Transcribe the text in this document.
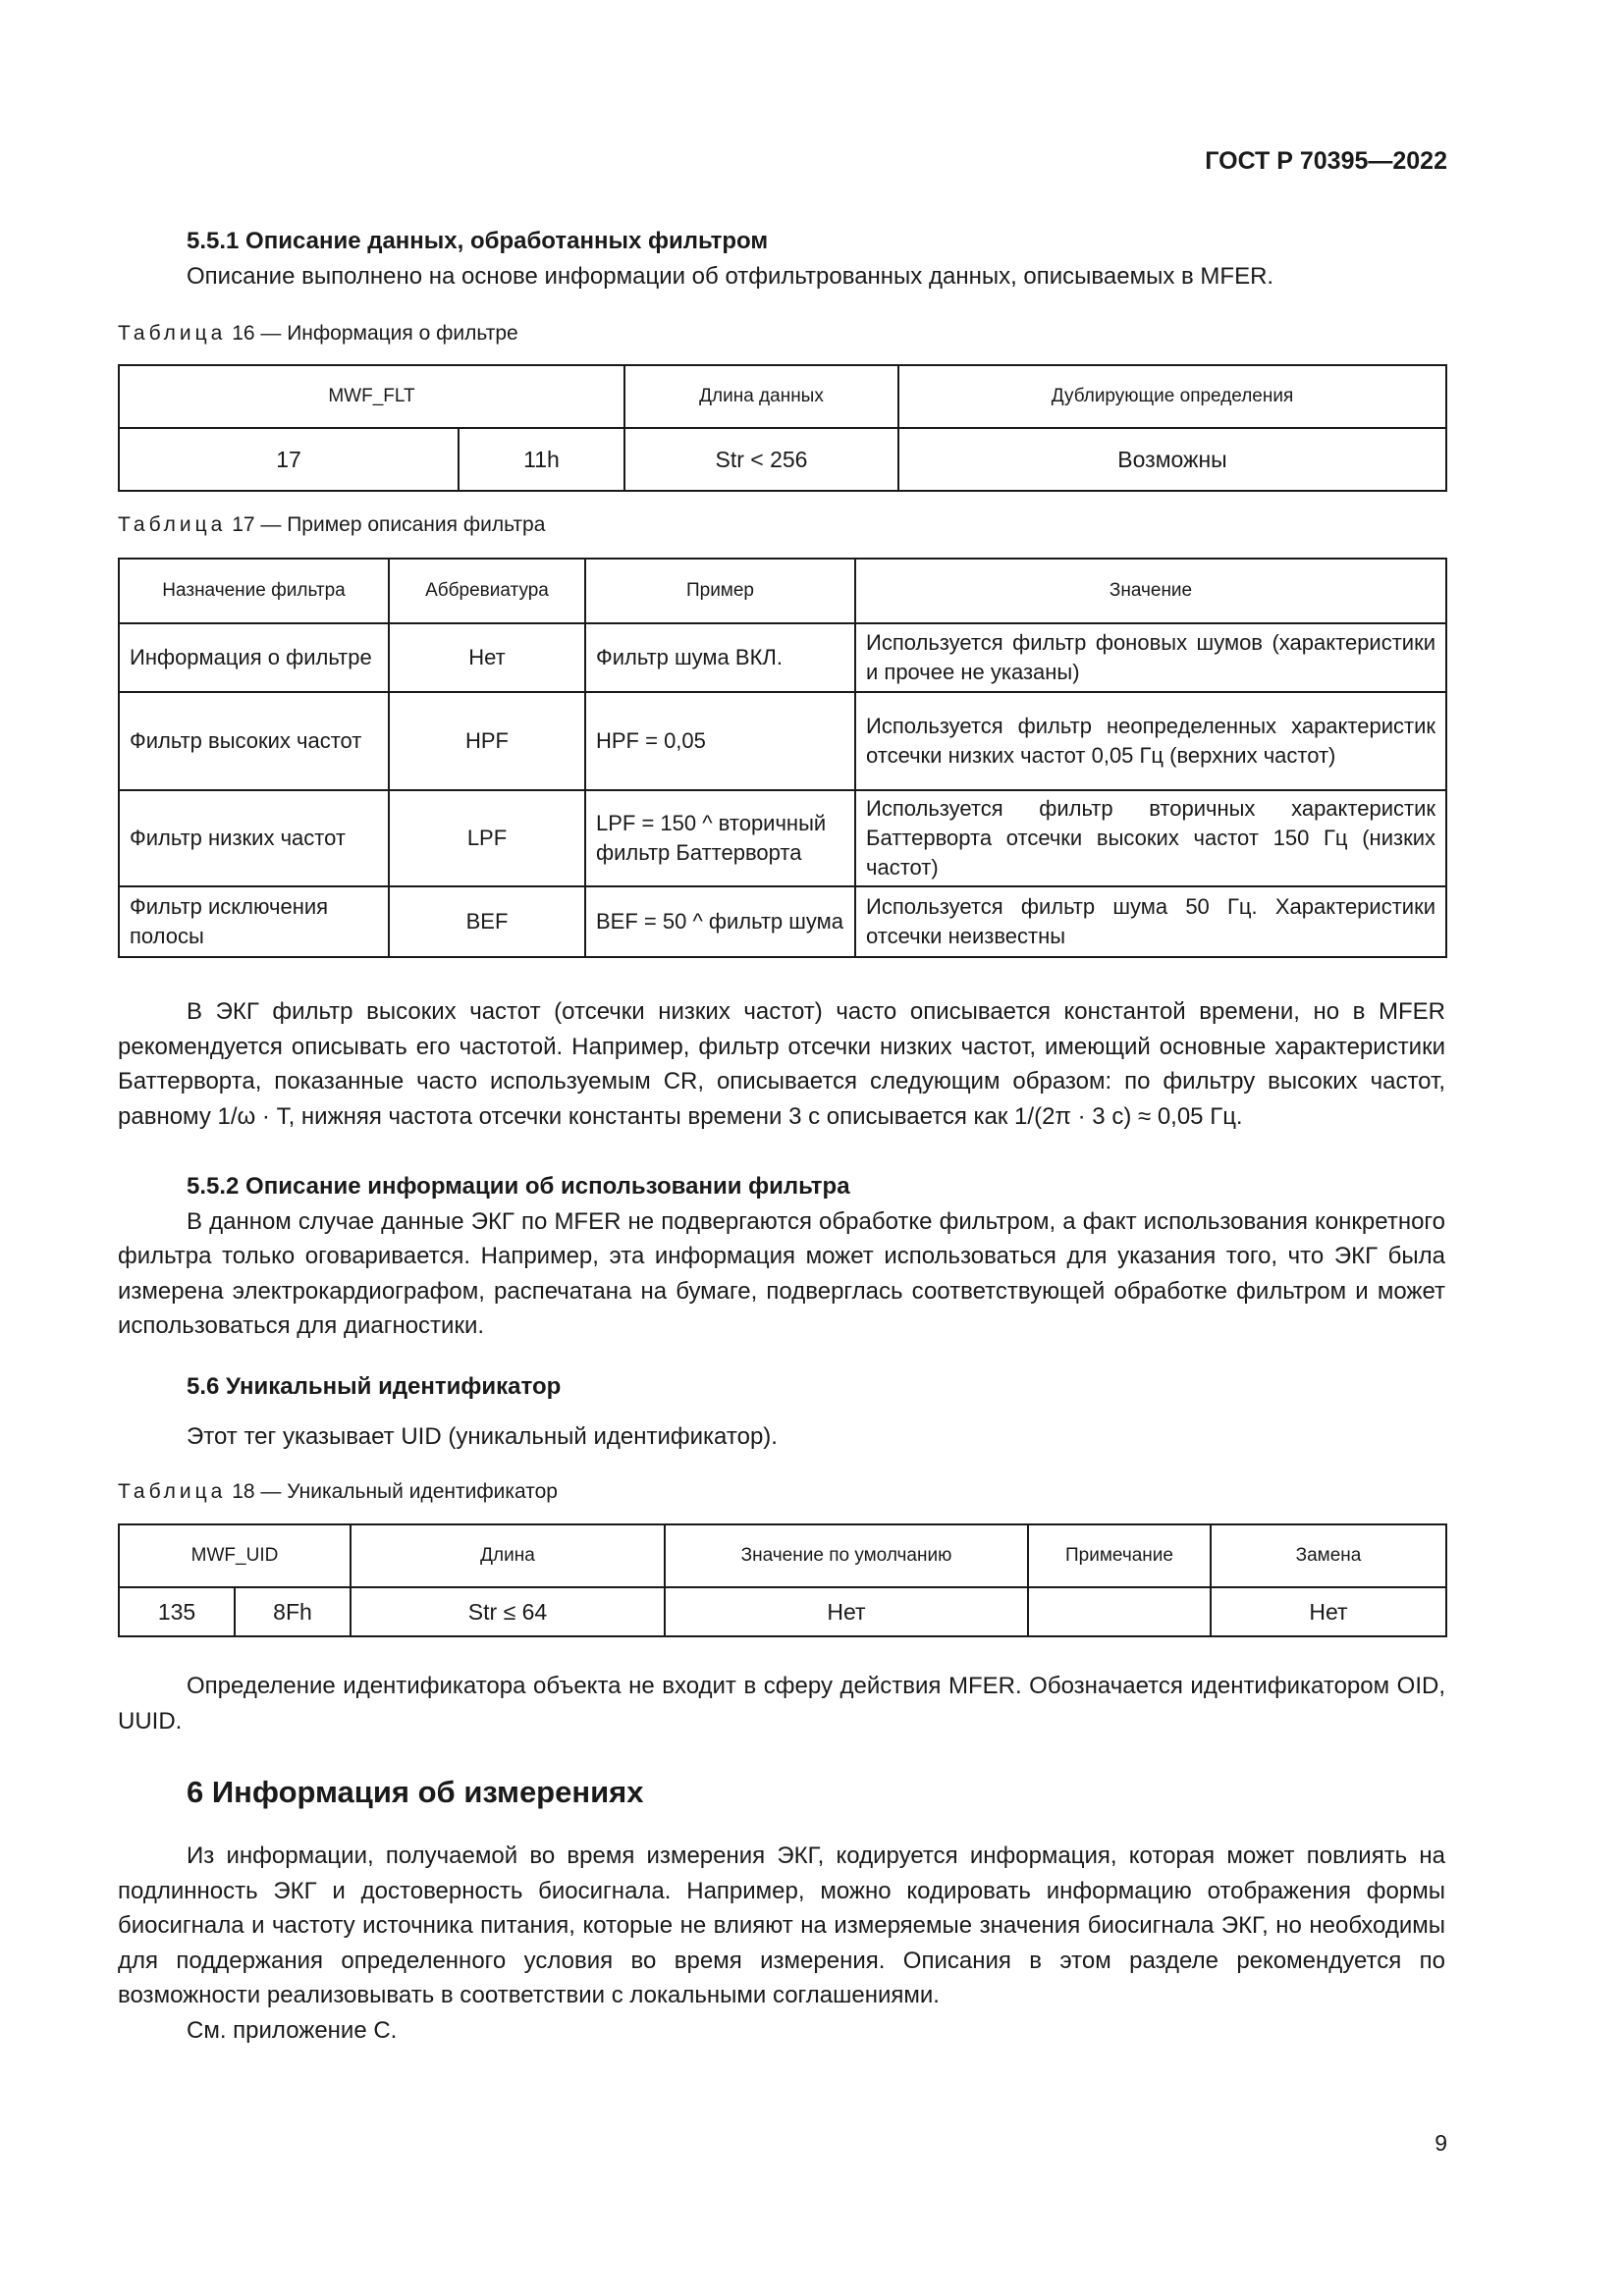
ГОСТ Р 70395—2022
5.5.1 Описание данных, обработанных фильтром
Описание выполнено на основе информации об отфильтрованных данных, описываемых в MFER.
Таблица 16 — Информация о фильтре
MWF_FLT		Длина данных	Дублирующие определения
17	11h	Str < 256	Возможны
Таблица 17 — Пример описания фильтра
Назначение фильтра	Аббревиатура	Пример	Значение
Информация о фильтре	Нет	Фильтр шума ВКЛ.	Используется фильтр фоновых шумов (характеристики и прочее не указаны)
Фильтр высоких частот	HPF	HPF = 0,05	Используется фильтр неопределенных характеристик отсечки низких частот 0,05 Гц (верхних частот)
Фильтр низких частот	LPF	LPF = 150 ^ вторичный фильтр Баттерворта	Используется фильтр вторичных характеристик Баттерворта отсечки высоких частот 150 Гц (низких частот)
Фильтр исключения полосы	BEF	BEF = 50 ^ фильтр шума	Используется фильтр шума 50 Гц. Характеристики отсечки неизвестны
В ЭКГ фильтр высоких частот (отсечки низких частот) часто описывается константой времени, но в MFER рекомендуется описывать его частотой. Например, фильтр отсечки низких частот, имеющий основные характеристики Баттерворта, показанные часто используемым CR, описывается следующим образом: по фильтру высоких частот, равному 1/ω · T, нижняя частота отсечки константы времени 3 с описывается как 1/(2π · 3 с) ≈ 0,05 Гц.
5.5.2 Описание информации об использовании фильтра
В данном случае данные ЭКГ по MFER не подвергаются обработке фильтром, а факт использования конкретного фильтра только оговаривается. Например, эта информация может использоваться для указания того, что ЭКГ была измерена электрокардиографом, распечатана на бумаге, подверглась соответствующей обработке фильтром и может использоваться для диагностики.
5.6 Уникальный идентификатор
Этот тег указывает UID (уникальный идентификатор).
Таблица 18 — Уникальный идентификатор
MWF_UID		Длина	Значение по умолчанию	Примечание	Замена
135	8Fh	Str ≤ 64	Нет		Нет
Определение идентификатора объекта не входит в сферу действия MFER. Обозначается идентификатором OID, UUID.
6 Информация об измерениях
Из информации, получаемой во время измерения ЭКГ, кодируется информация, которая может повлиять на подлинность ЭКГ и достоверность биосигнала. Например, можно кодировать информацию отображения формы биосигнала и частоту источника питания, которые не влияют на измеряемые значения биосигнала ЭКГ, но необходимы для поддержания определенного условия во время измерения. Описания в этом разделе рекомендуется по возможности реализовывать в соответствии с локальными соглашениями.
См. приложение С.
9
